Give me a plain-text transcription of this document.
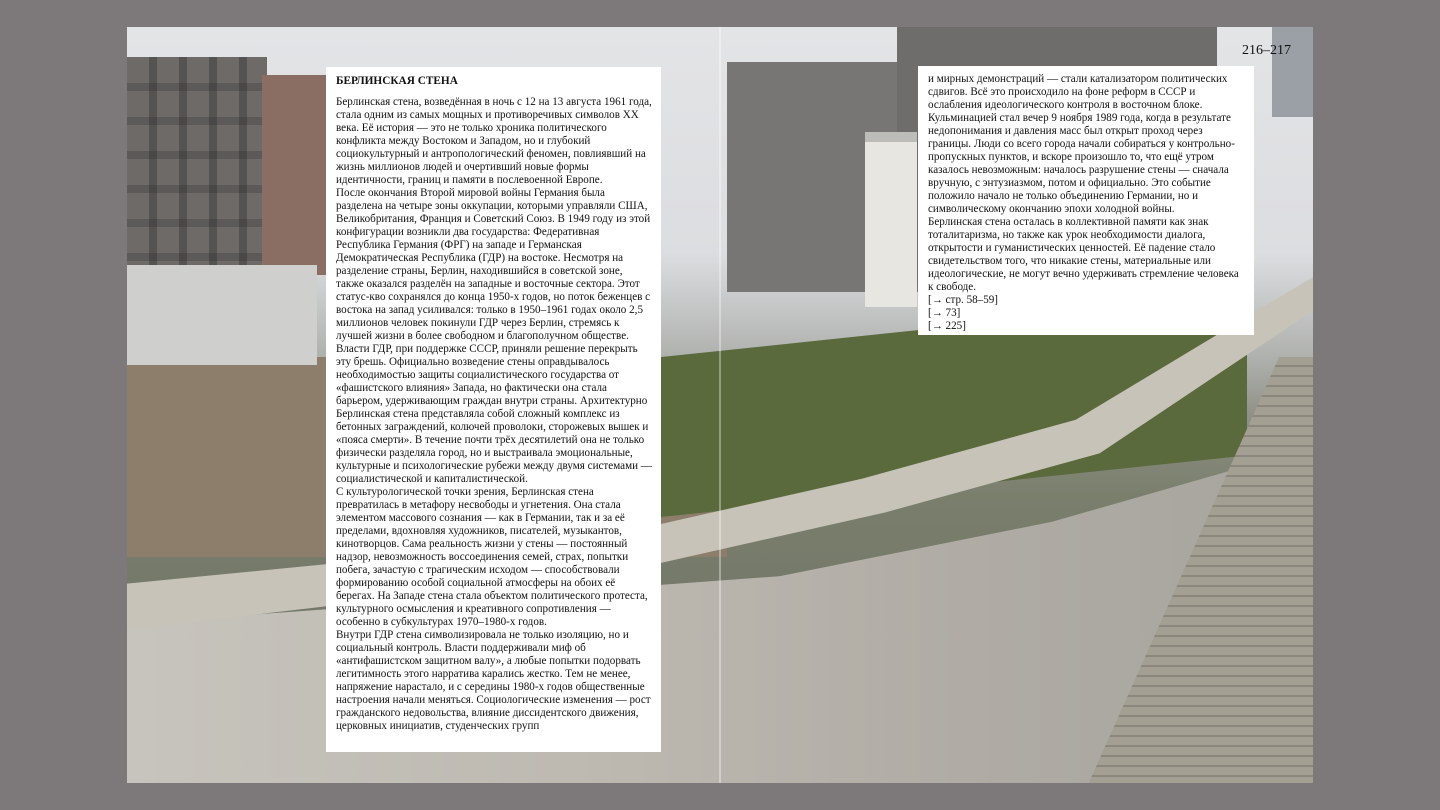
216–217
БЕРЛИНСКАЯ СТЕНА

Берлинская стена, возведённая в ночь с 12 на 13 августа 1961 года, стала одним из самых мощных и противоречивых символов XX века. Её история — это не только хроника политического конфликта между Востоком и Западом, но и глубокий социокультурный и антропологический феномен, повлиявший на жизнь миллионов людей и очертивший новые формы идентичности, границ и памяти в послевоенной Европе.

После окончания Второй мировой войны Германия была разделена на четыре зоны оккупации, которыми управляли США, Великобритания, Франция и Советский Союз. В 1949 году из этой конфигурации возникли два государства: Федеративная Республика Германия (ФРГ) на западе и Германская Демократическая Республика (ГДР) на востоке. Несмотря на разделение страны, Берлин, находившийся в советской зоне, также оказался разделён на западные и восточные сектора. Этот статус-кво сохранялся до конца 1950-х годов, но поток беженцев с востока на запад усиливался: только в 1950–1961 годах около 2,5 миллионов человек покинули ГДР через Берлин, стремясь к лучшей жизни в более свободном и благополучном обществе.

Власти ГДР, при поддержке СССР, приняли решение перекрыть эту брешь. Официально возведение стены оправдывалось необходимостью защиты социалистического государства от «фашистского влияния» Запада, но фактически она стала барьером, удерживающим граждан внутри страны. Архитектурно Берлинская стена представляла собой сложный комплекс из бетонных заграждений, колючей проволоки, сторожевых вышек и «пояса смерти». В течение почти трёх десятилетий она не только физически разделяла город, но и выстраивала эмоциональные, культурные и психологические рубежи между двумя системами — социалистической и капиталистической.

С культурологической точки зрения, Берлинская стена превратилась в метафору несвободы и угнетения. Она стала элементом массового сознания — как в Германии, так и за её пределами, вдохновляя художников, писателей, музыкантов, кинотворцов. Сама реальность жизни у стены — постоянный надзор, невозможность воссоединения семей, страх, попытки побега, зачастую с трагическим исходом — способствовали формированию особой социальной атмосферы на обоих её берегах. На Западе стена стала объектом политического протеста, культурного осмысления и креативного сопротивления — особенно в субкультурах 1970–1980-х годов.

Внутри ГДР стена символизировала не только изоляцию, но и социальный контроль. Власти поддерживали миф об «антифашистском защитном валу», а любые попытки подорвать легитимность этого нарратива карались жестко. Тем не менее, напряжение нарастало, и с середины 1980-х годов общественные настроения начали меняться. Социологические изменения — рост гражданского недовольства, влияние диссидентского движения, церковных инициатив, студенческих групп

и мирных демонстраций — стали катализатором политических сдвигов. Всё это происходило на фоне реформ в СССР и ослабления идеологического контроля в восточном блоке.

Кульминацией стал вечер 9 ноября 1989 года, когда в результате недопонимания и давления масс был открыт проход через границы. Люди со всего города начали собираться у контрольно-пропускных пунктов, и вскоре произошло то, что ещё утром казалось невозможным: началось разрушение стены — сначала вручную, с энтузиазмом, потом и официально. Это событие положило начало не только объединению Германии, но и символическому окончанию эпохи холодной войны.

Берлинская стена осталась в коллективной памяти как знак тоталитаризма, но также как урок необходимости диалога, открытости и гуманистических ценностей. Её падение стало свидетельством того, что никакие стены, материальные или идеологические, не могут вечно удерживать стремление человека к свободе.

[→ стр. 58–59]

[→ 73]

[→ 225]
